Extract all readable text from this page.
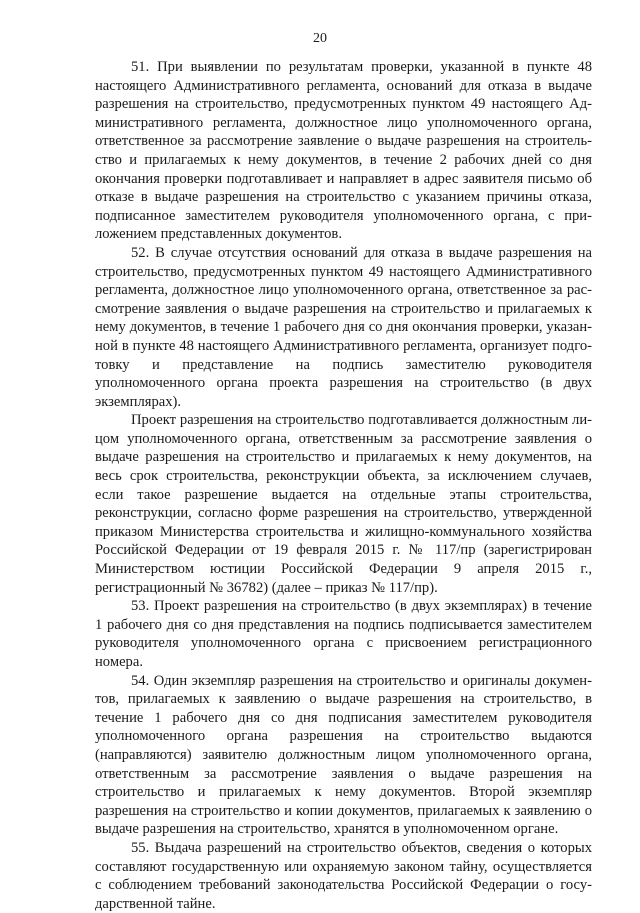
20

51. При выявлении по результатам проверки, указанной в пункте 48 настоящего Административного регламента, оснований для отказа в выдаче разрешения на строительство, предусмотренных пунктом 49 настоящего Административного регламента, должностное лицо уполномоченного органа, ответственное за рассмотрение заявление о выдаче разрешения на строительство и прилагаемых к нему документов, в течение 2 рабочих дней со дня окончания проверки подготавливает и направляет в адрес заявителя письмо об отказе в выдаче разрешения на строительство с указанием причины отказа, подписанное заместителем руководителя уполномоченного органа, с приложением представленных документов.

52. В случае отсутствия оснований для отказа в выдаче разрешения на строительство, предусмотренных пунктом 49 настоящего Административного регламента, должностное лицо уполномоченного органа, ответственное за рассмотрение заявления о выдаче разрешения на строительство и прилагаемых к нему документов, в течение 1 рабочего дня со дня окончания проверки, указанной в пункте 48 настоящего Административного регламента, организует подготовку и представление на подпись заместителю руководителя уполномоченного органа проекта разрешения на строительство (в двух экземплярах).

Проект разрешения на строительство подготавливается должностным лицом уполномоченного органа, ответственным за рассмотрение заявления о выдаче разрешения на строительство и прилагаемых к нему документов, на весь срок строительства, реконструкции объекта, за исключением случаев, если такое разрешение выдается на отдельные этапы строительства, реконструкции, согласно форме разрешения на строительство, утвержденной приказом Министерства строительства и жилищно-коммунального хозяйства Российской Федерации от 19 февраля 2015 г. № 117/пр (зарегистрирован Министерством юстиции Российской Федерации 9 апреля 2015 г., регистрационный № 36782) (далее – приказ № 117/пр).

53. Проект разрешения на строительство (в двух экземплярах) в течение 1 рабочего дня со дня представления на подпись подписывается заместителем руководителя уполномоченного органа с присвоением регистрационного номера.

54. Один экземпляр разрешения на строительство и оригиналы документов, прилагаемых к заявлению о выдаче разрешения на строительство, в течение 1 рабочего дня со дня подписания заместителем руководителя уполномоченного органа разрешения на строительство выдаются (направляются) заявителю должностным лицом уполномоченного органа, ответственным за рассмотрение заявления о выдаче разрешения на строительство и прилагаемых к нему документов. Второй экземпляр разрешения на строительство и копии документов, прилагаемых к заявлению о выдаче разрешения на строительство, хранятся в уполномоченном органе.

55. Выдача разрешений на строительство объектов, сведения о которых составляют государственную или охраняемую законом тайну, осуществляется с соблюдением требований законодательства Российской Федерации о государственной тайне.
